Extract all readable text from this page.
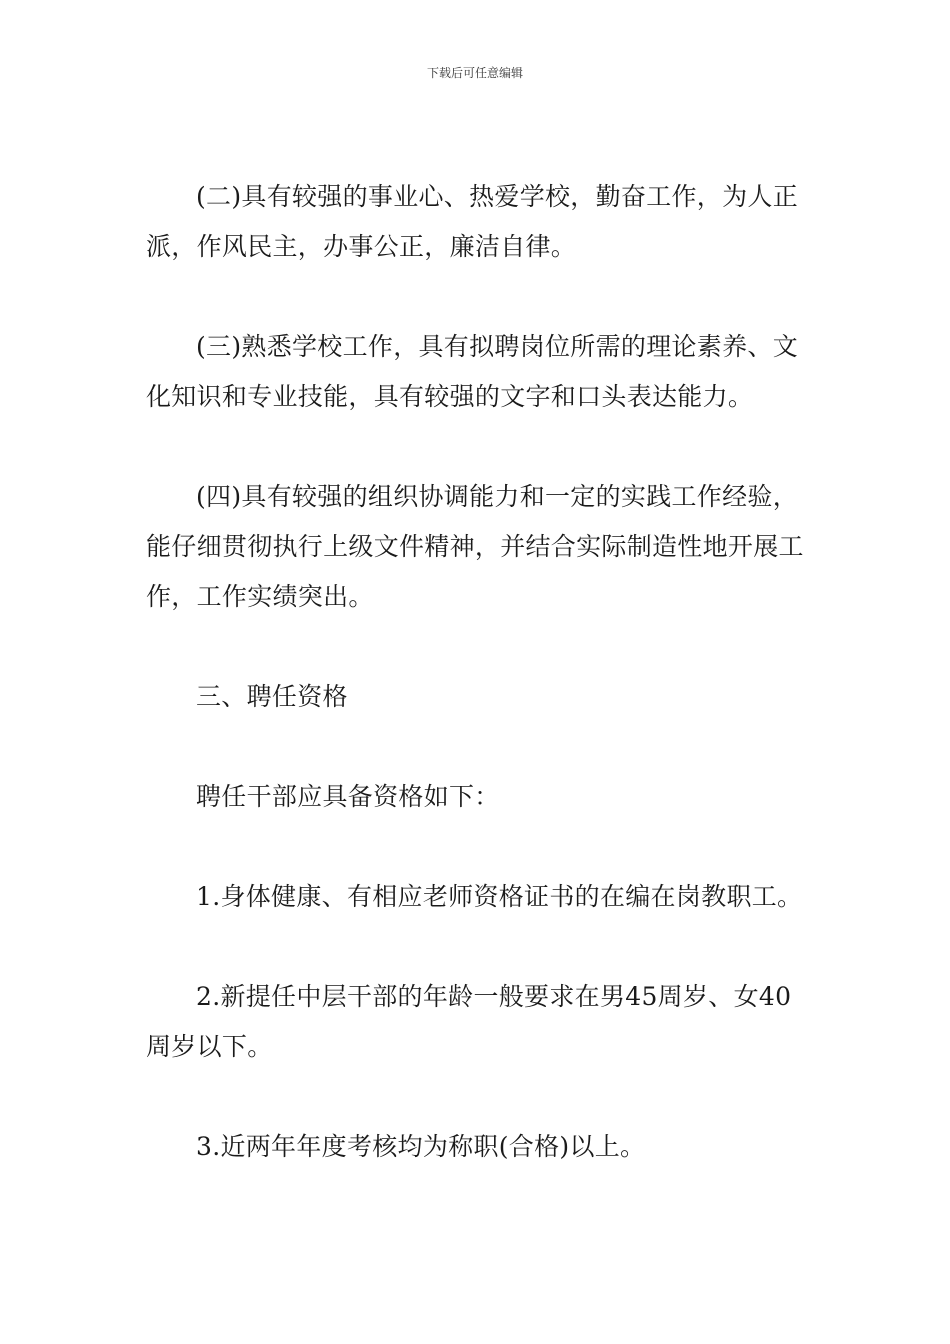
下载后可任意编辑

(二)具有较强的事业心、热爱学校，勤奋工作，为人正派，作风民主，办事公正，廉洁自律。

(三)熟悉学校工作，具有拟聘岗位所需的理论素养、文化知识和专业技能，具有较强的文字和口头表达能力。

(四)具有较强的组织协调能力和一定的实践工作经验，能仔细贯彻执行上级文件精神，并结合实际制造性地开展工作，工作实绩突出。

三、聘任资格

聘任干部应具备资格如下：

1.身体健康、有相应老师资格证书的在编在岗教职工。

2.新提任中层干部的年龄一般要求在男45周岁、女40周岁以下。

3.近两年年度考核均为称职(合格)以上。
